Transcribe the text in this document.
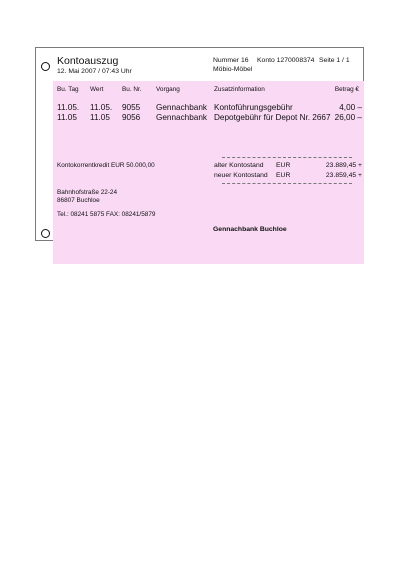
Kontoauszug
12. Mai 2007 / 07:43 Uhr
Nummer 16 Konto 1270008374 Seite 1 / 1
Möbio-Möbel
Bu. Tag Wert	Bu. Nr. Vorgang	Zusatzinformation	Betrag €
11.05. 11.05. 9055 Gennachbank Kontoführungsgebühr	4,00 –
11.05 11.05 9056 Gennachbank Depotgebühr für Depot Nr. 2667 26,00 –
Kontokorrentkredit EUR 50.000,00	alter Kontostand EUR	23.889,45 +
neuer Kontostand EUR	23.859,45 +
Bahnhofstraße 22-24
86807 Buchloe
Tel.: 08241 5875 FAX: 08241/5879
Gennachbank Buchloe
